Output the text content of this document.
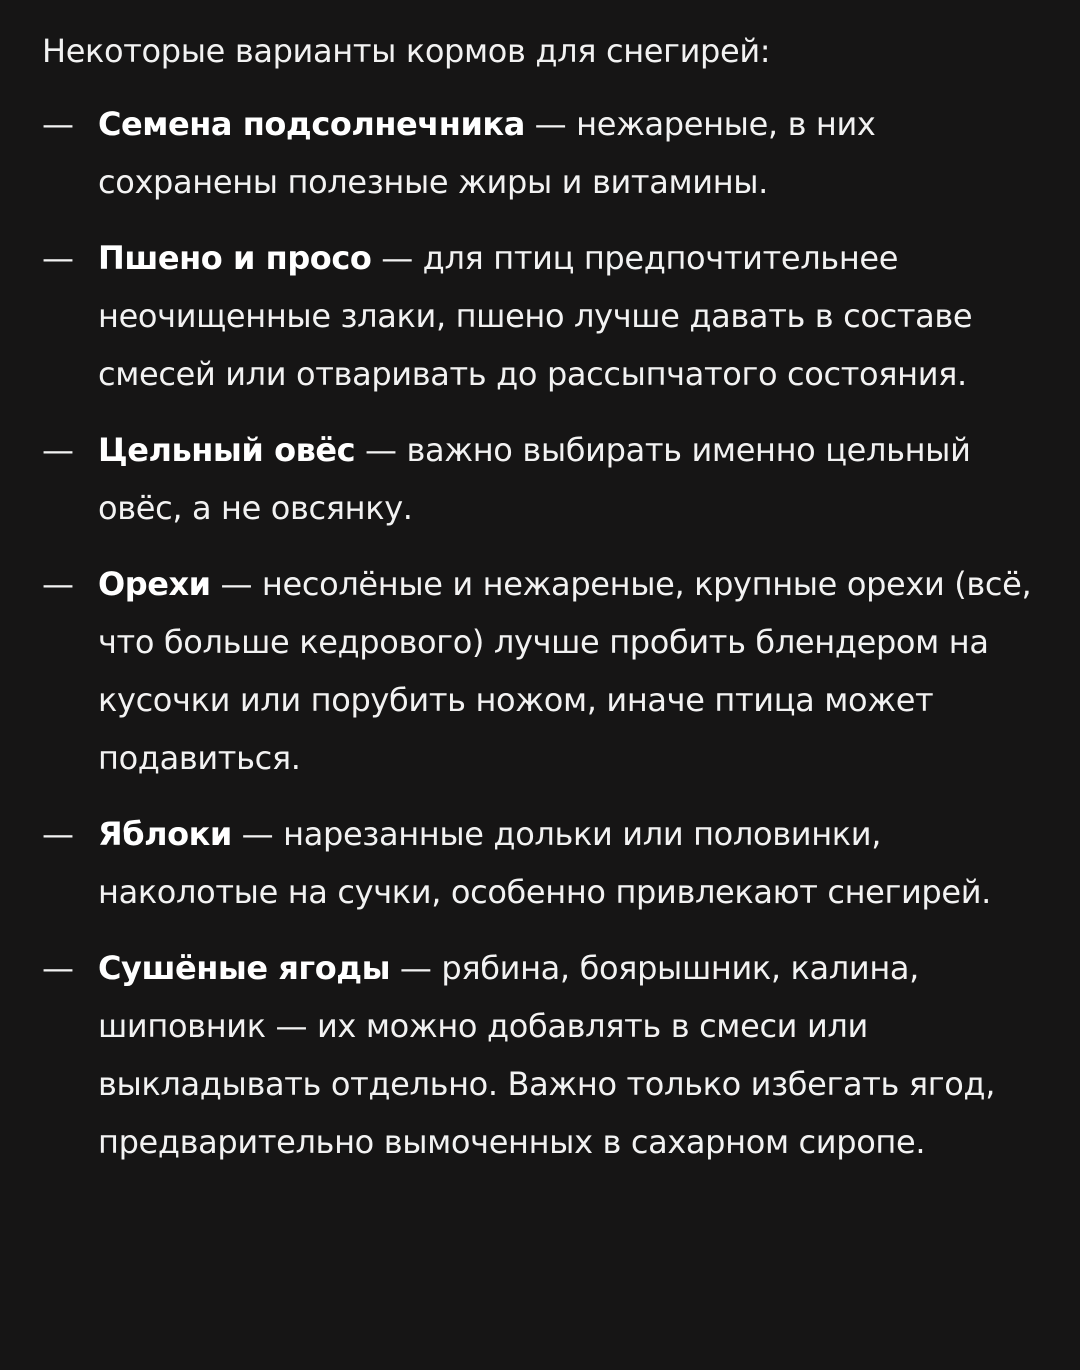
Некоторые варианты кормов для снегирей:

— Семена подсолнечника — нежареные, в них сохранены полезные жиры и витамины.
— Пшено и просо — для птиц предпочтительнее неочищенные злаки, пшено лучше давать в составе смесей или отваривать до рассыпчатого состояния.
— Цельный овёс — важно выбирать именно цельный овёс, а не овсянку.
— Орехи — несолёные и нежареные, крупные орехи (всё, что больше кедрового) лучше пробить блендером на кусочки или порубить ножом, иначе птица может подавиться.
— Яблоки — нарезанные дольки или половинки, наколотые на сучки, особенно привлекают снегирей.
— Сушёные ягоды — рябина, боярышник, калина, шиповник — их можно добавлять в смеси или выкладывать отдельно. Важно только избегать ягод, предварительно вымоченных в сахарном сиропе.
